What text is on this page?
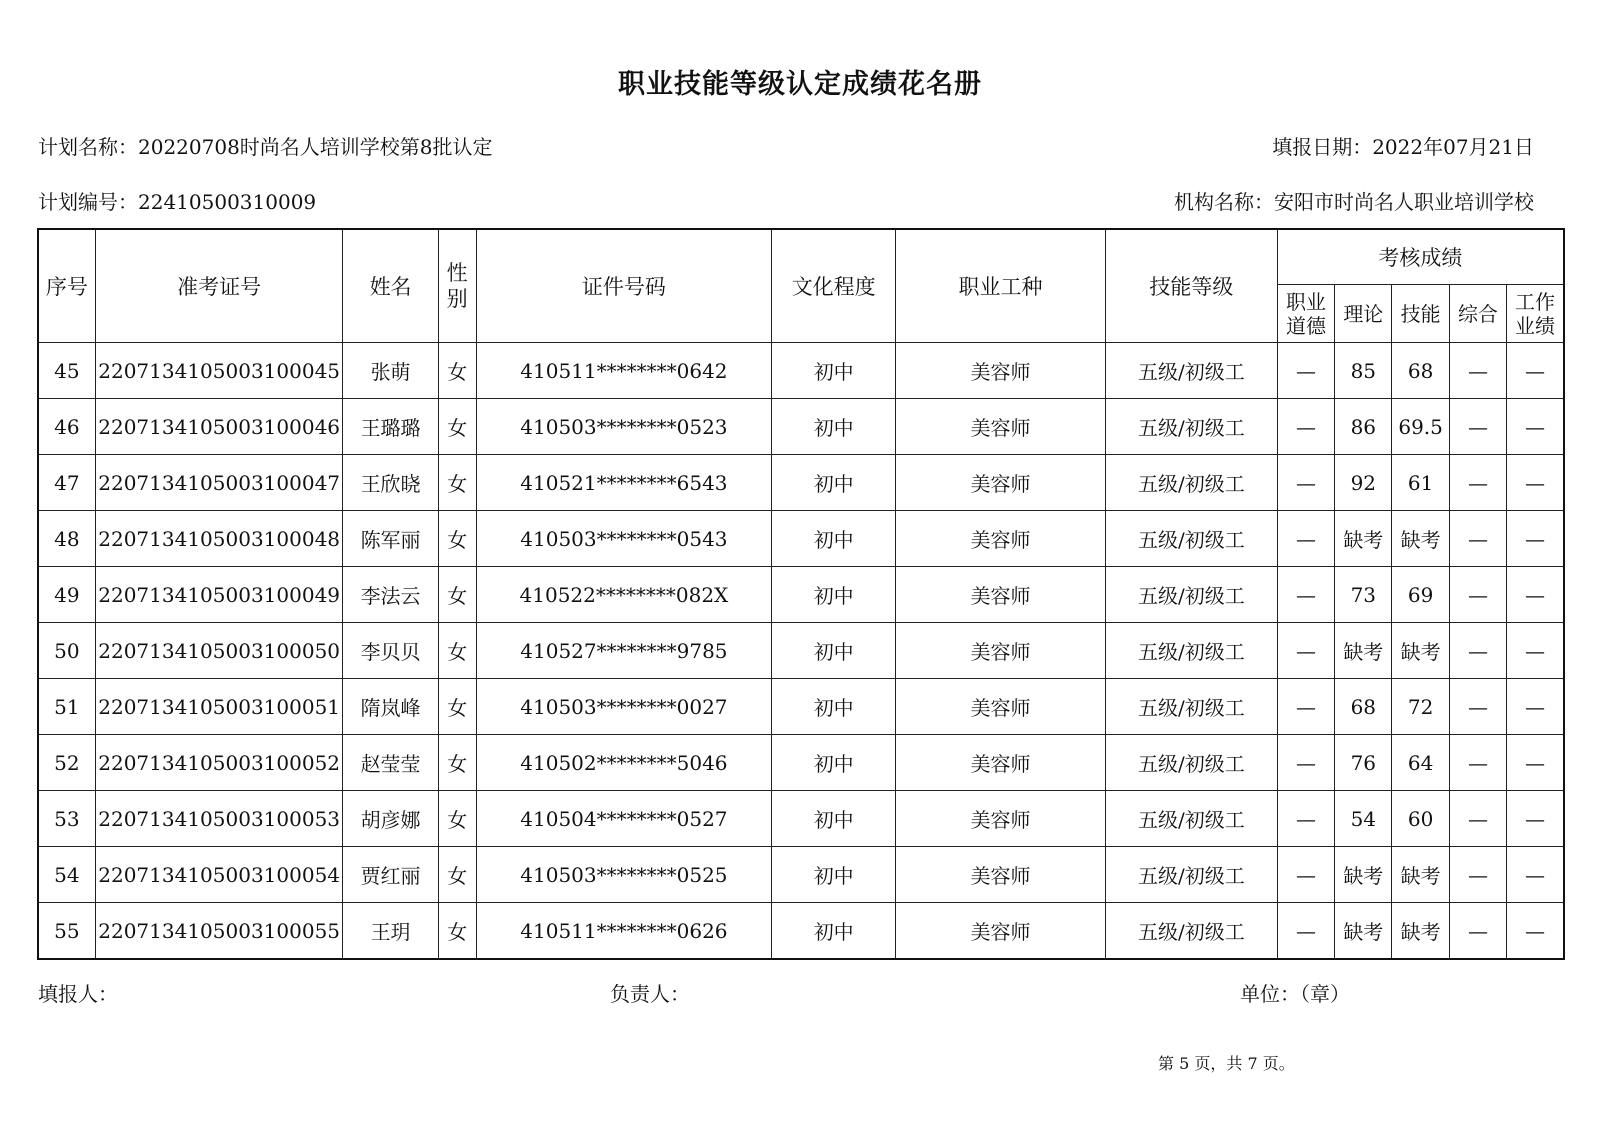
职业技能等级认定成绩花名册
计划名称：20220708时尚名人培训学校第8批认定	填报日期：2022年07月21日
计划编号：22410500310009	机构名称：安阳市时尚名人职业培训学校
序号	准考证号	姓名	性别	证件号码	文化程度	职业工种	技能等级	考核成绩				
								职业道德	理论	技能	综合	工作业绩
45	2207134105003100045	张萌	女	410511********0642	初中	美容师	五级/初级工	—	85	68	—	—
46	2207134105003100046	王璐璐	女	410503********0523	初中	美容师	五级/初级工	—	86	69.5	—	—
47	2207134105003100047	王欣晓	女	410521********6543	初中	美容师	五级/初级工	—	92	61	—	—
48	2207134105003100048	陈军丽	女	410503********0543	初中	美容师	五级/初级工	—	缺考	缺考	—	—
49	2207134105003100049	李法云	女	410522********082X	初中	美容师	五级/初级工	—	73	69	—	—
50	2207134105003100050	李贝贝	女	410527********9785	初中	美容师	五级/初级工	—	缺考	缺考	—	—
51	2207134105003100051	隋岚峰	女	410503********0027	初中	美容师	五级/初级工	—	68	72	—	—
52	2207134105003100052	赵莹莹	女	410502********5046	初中	美容师	五级/初级工	—	76	64	—	—
53	2207134105003100053	胡彦娜	女	410504********0527	初中	美容师	五级/初级工	—	54	60	—	—
54	2207134105003100054	贾红丽	女	410503********0525	初中	美容师	五级/初级工	—	缺考	缺考	—	—
55	2207134105003100055	王玥	女	410511********0626	初中	美容师	五级/初级工	—	缺考	缺考	—	—
填报人：	负责人：	单位：（章）
第 5 页，共 7 页。
